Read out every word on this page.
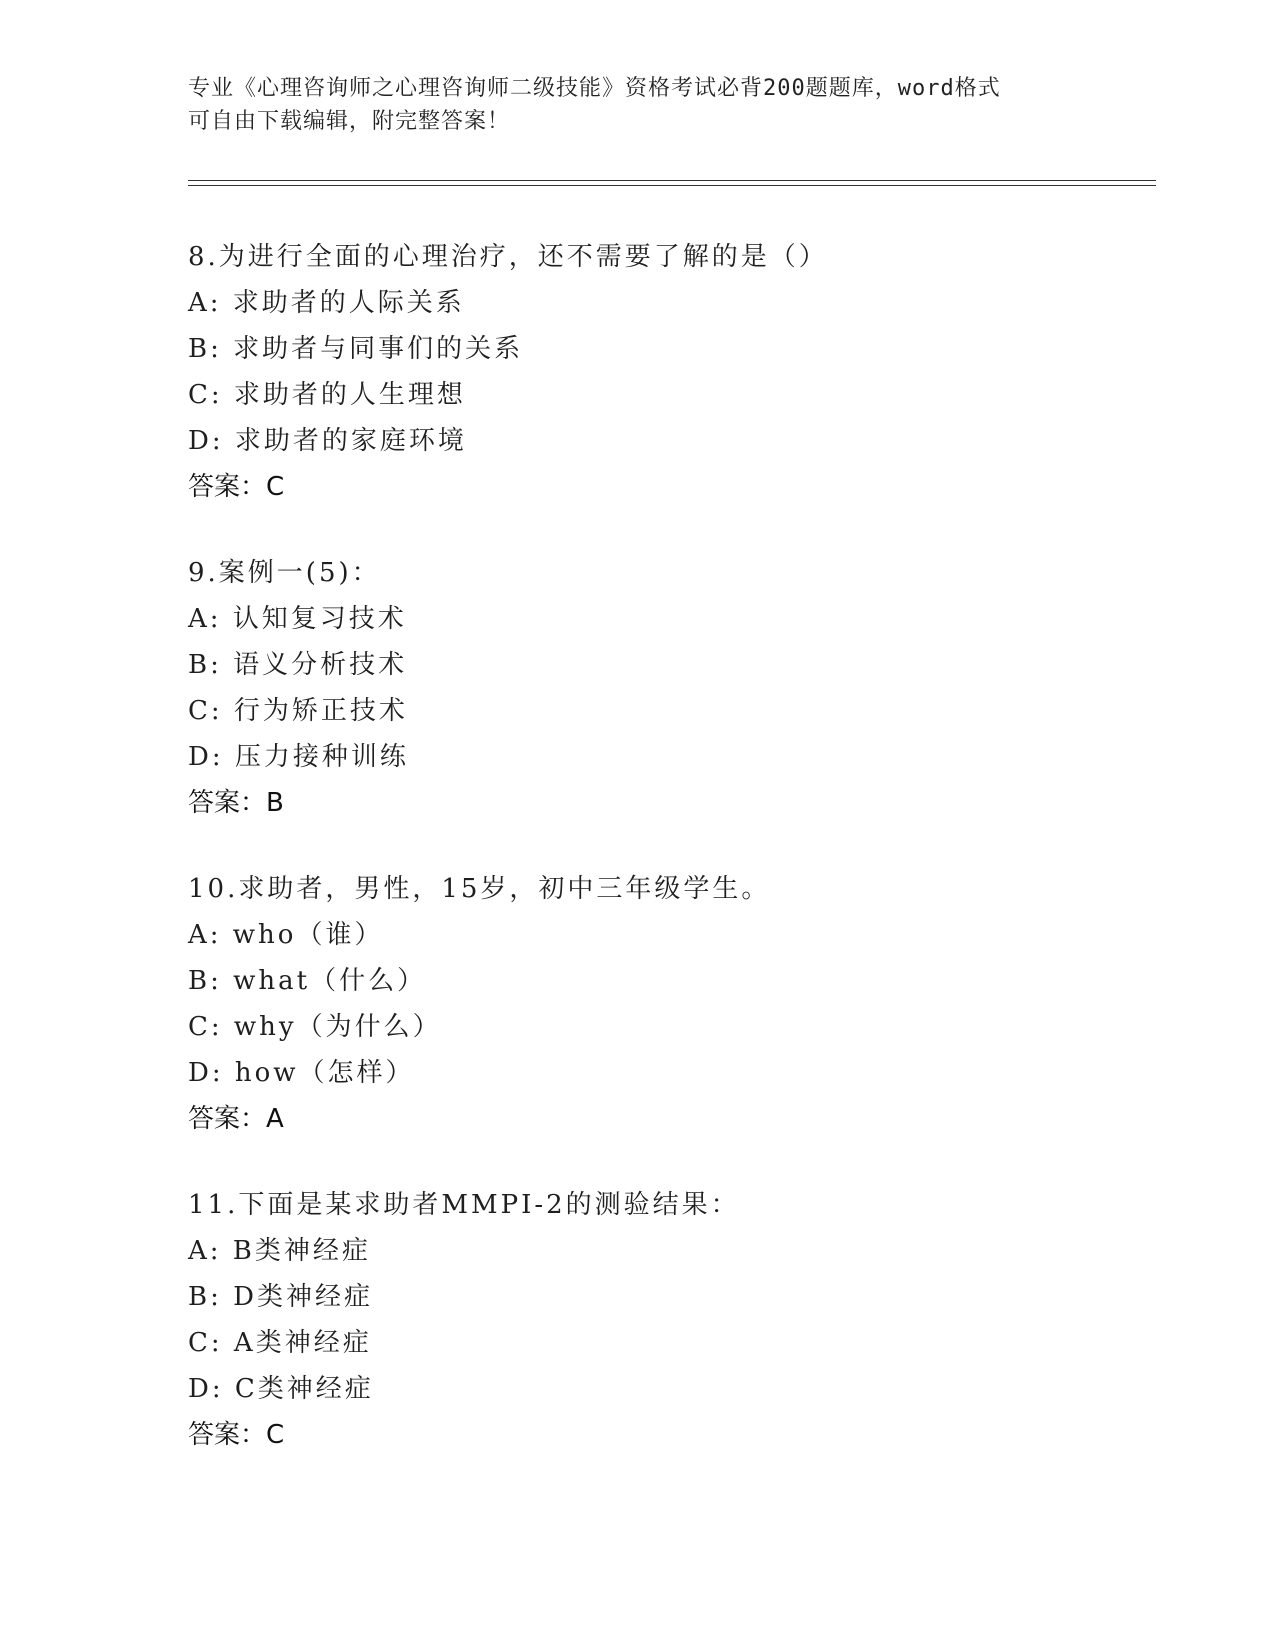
专业《心理咨询师之心理咨询师二级技能》资格考试必背200题题库，word格式
可自由下载编辑，附完整答案！
8.为进行全面的心理治疗，还不需要了解的是（）
A: 求助者的人际关系
B: 求助者与同事们的关系
C: 求助者的人生理想
D: 求助者的家庭环境
答案：C
9.案例一(5)：
A: 认知复习技术
B: 语义分析技术
C: 行为矫正技术
D: 压力接种训练
答案：B
10.求助者，男性，15岁，初中三年级学生。
A: who（谁）
B: what（什么）
C: why（为什么）
D: how（怎样）
答案：A
11.下面是某求助者MMPI-2的测验结果：
A: B类神经症
B: D类神经症
C: A类神经症
D: C类神经症
答案：C
